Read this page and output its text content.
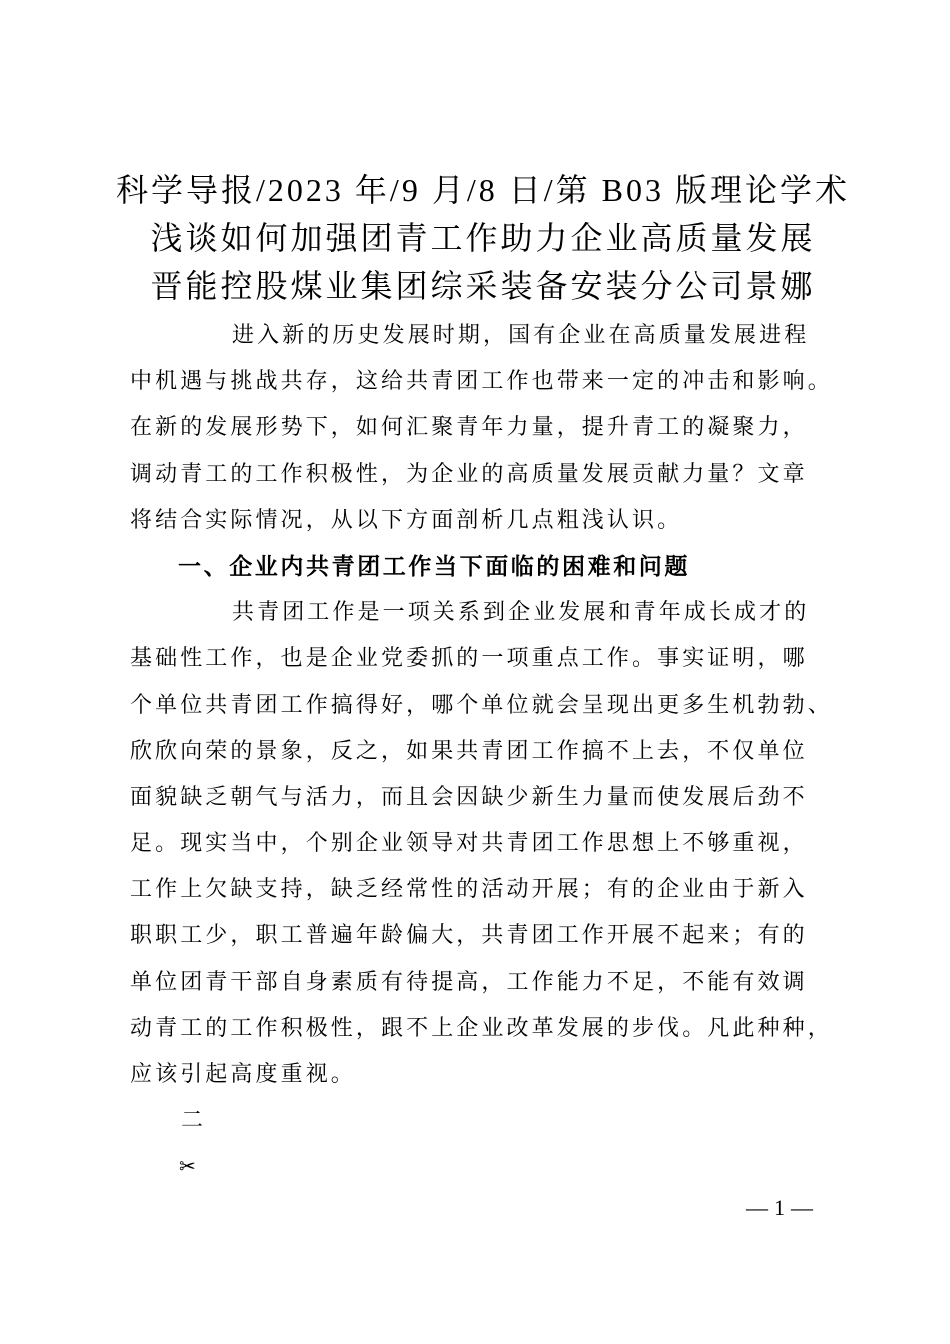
科学导报/2023 年/9 月/8 日/第 B03 版理论学术
浅谈如何加强团青工作助力企业高质量发展
晋能控股煤业集团综采装备安装分公司景娜
进入新的历史发展时期，国有企业在高质量发展进程
中机遇与挑战共存，这给共青团工作也带来一定的冲击和影响。
在新的发展形势下，如何汇聚青年力量，提升青工的凝聚力，
调动青工的工作积极性，为企业的高质量发展贡献力量？文章
将结合实际情况，从以下方面剖析几点粗浅认识。
一、企业内共青团工作当下面临的困难和问题
共青团工作是一项关系到企业发展和青年成长成才的
基础性工作，也是企业党委抓的一项重点工作。事实证明，哪
个单位共青团工作搞得好，哪个单位就会呈现出更多生机勃勃、
欣欣向荣的景象，反之，如果共青团工作搞不上去，不仅单位
面貌缺乏朝气与活力，而且会因缺少新生力量而使发展后劲不
足。现实当中，个别企业领导对共青团工作思想上不够重视，
工作上欠缺支持，缺乏经常性的活动开展；有的企业由于新入
职职工少，职工普遍年龄偏大，共青团工作开展不起来；有的
单位团青干部自身素质有待提高，工作能力不足，不能有效调
动青工的工作积极性，跟不上企业改革发展的步伐。凡此种种，
应该引起高度重视。
二
✂
— 1 —
